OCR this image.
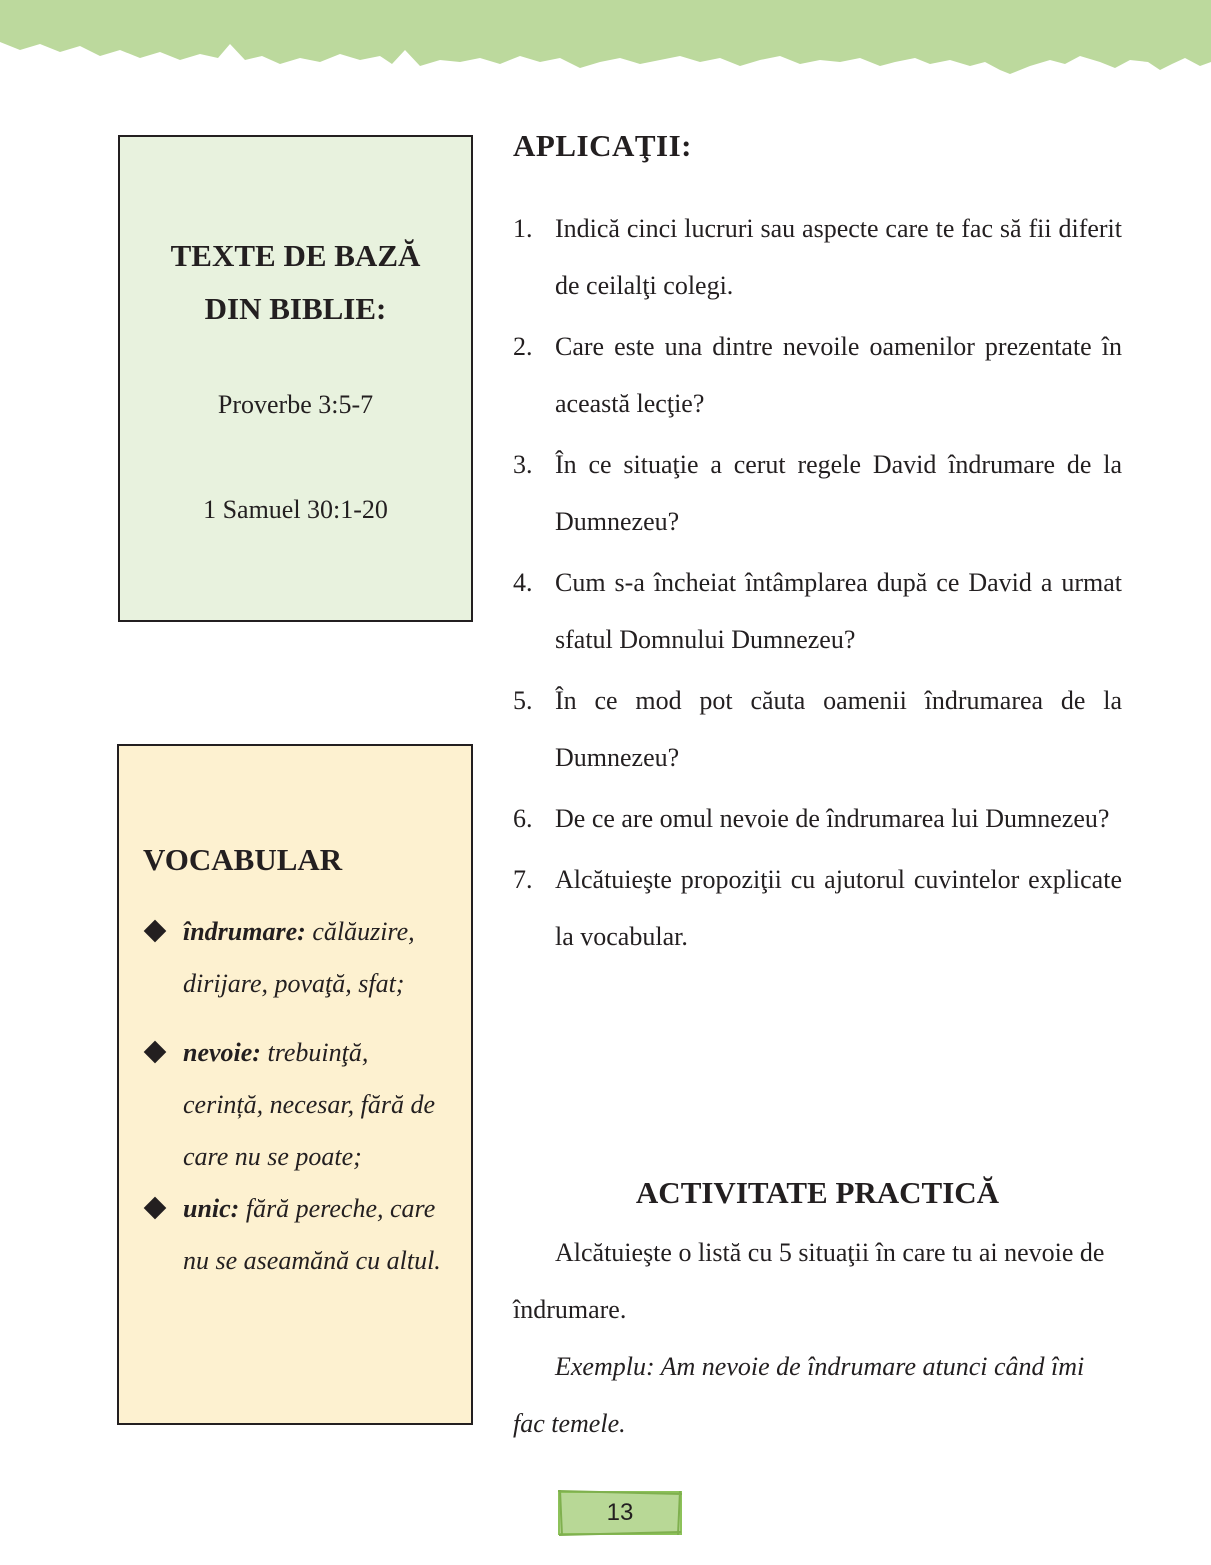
TEXTE DE BAZĂ
DIN BIBLIE:
Proverbe 3:5-7
1 Samuel 30:1-20
VOCABULAR
îndrumare: călăuzire, dirijare, povaţă, sfat;
nevoie: trebuinţă, cerință, necesar, fără de care nu se poate;
unic: fără pereche, care nu se aseamănă cu altul.
APLICAŢII:
1. Indică cinci lucruri sau aspecte care te fac să fii diferit de ceilalţi colegi.
2. Care este una dintre nevoile oamenilor prezentate în această lecţie?
3. În ce situaţie a cerut regele David îndrumare de la Dumnezeu?
4. Cum s-a încheiat întâmplarea după ce David a urmat sfatul Domnului Dumnezeu?
5. În ce mod pot căuta oamenii îndrumarea de la Dumnezeu?
6. De ce are omul nevoie de îndrumarea lui Dumnezeu?
7. Alcătuieşte propoziţii cu ajutorul cuvintelor explicate la vocabular.
ACTIVITATE PRACTICĂ

Alcătuieşte o listă cu 5 situaţii în care tu ai nevoie de îndrumare.

Exemplu: Am nevoie de îndrumare atunci când îmi fac temele.

13
